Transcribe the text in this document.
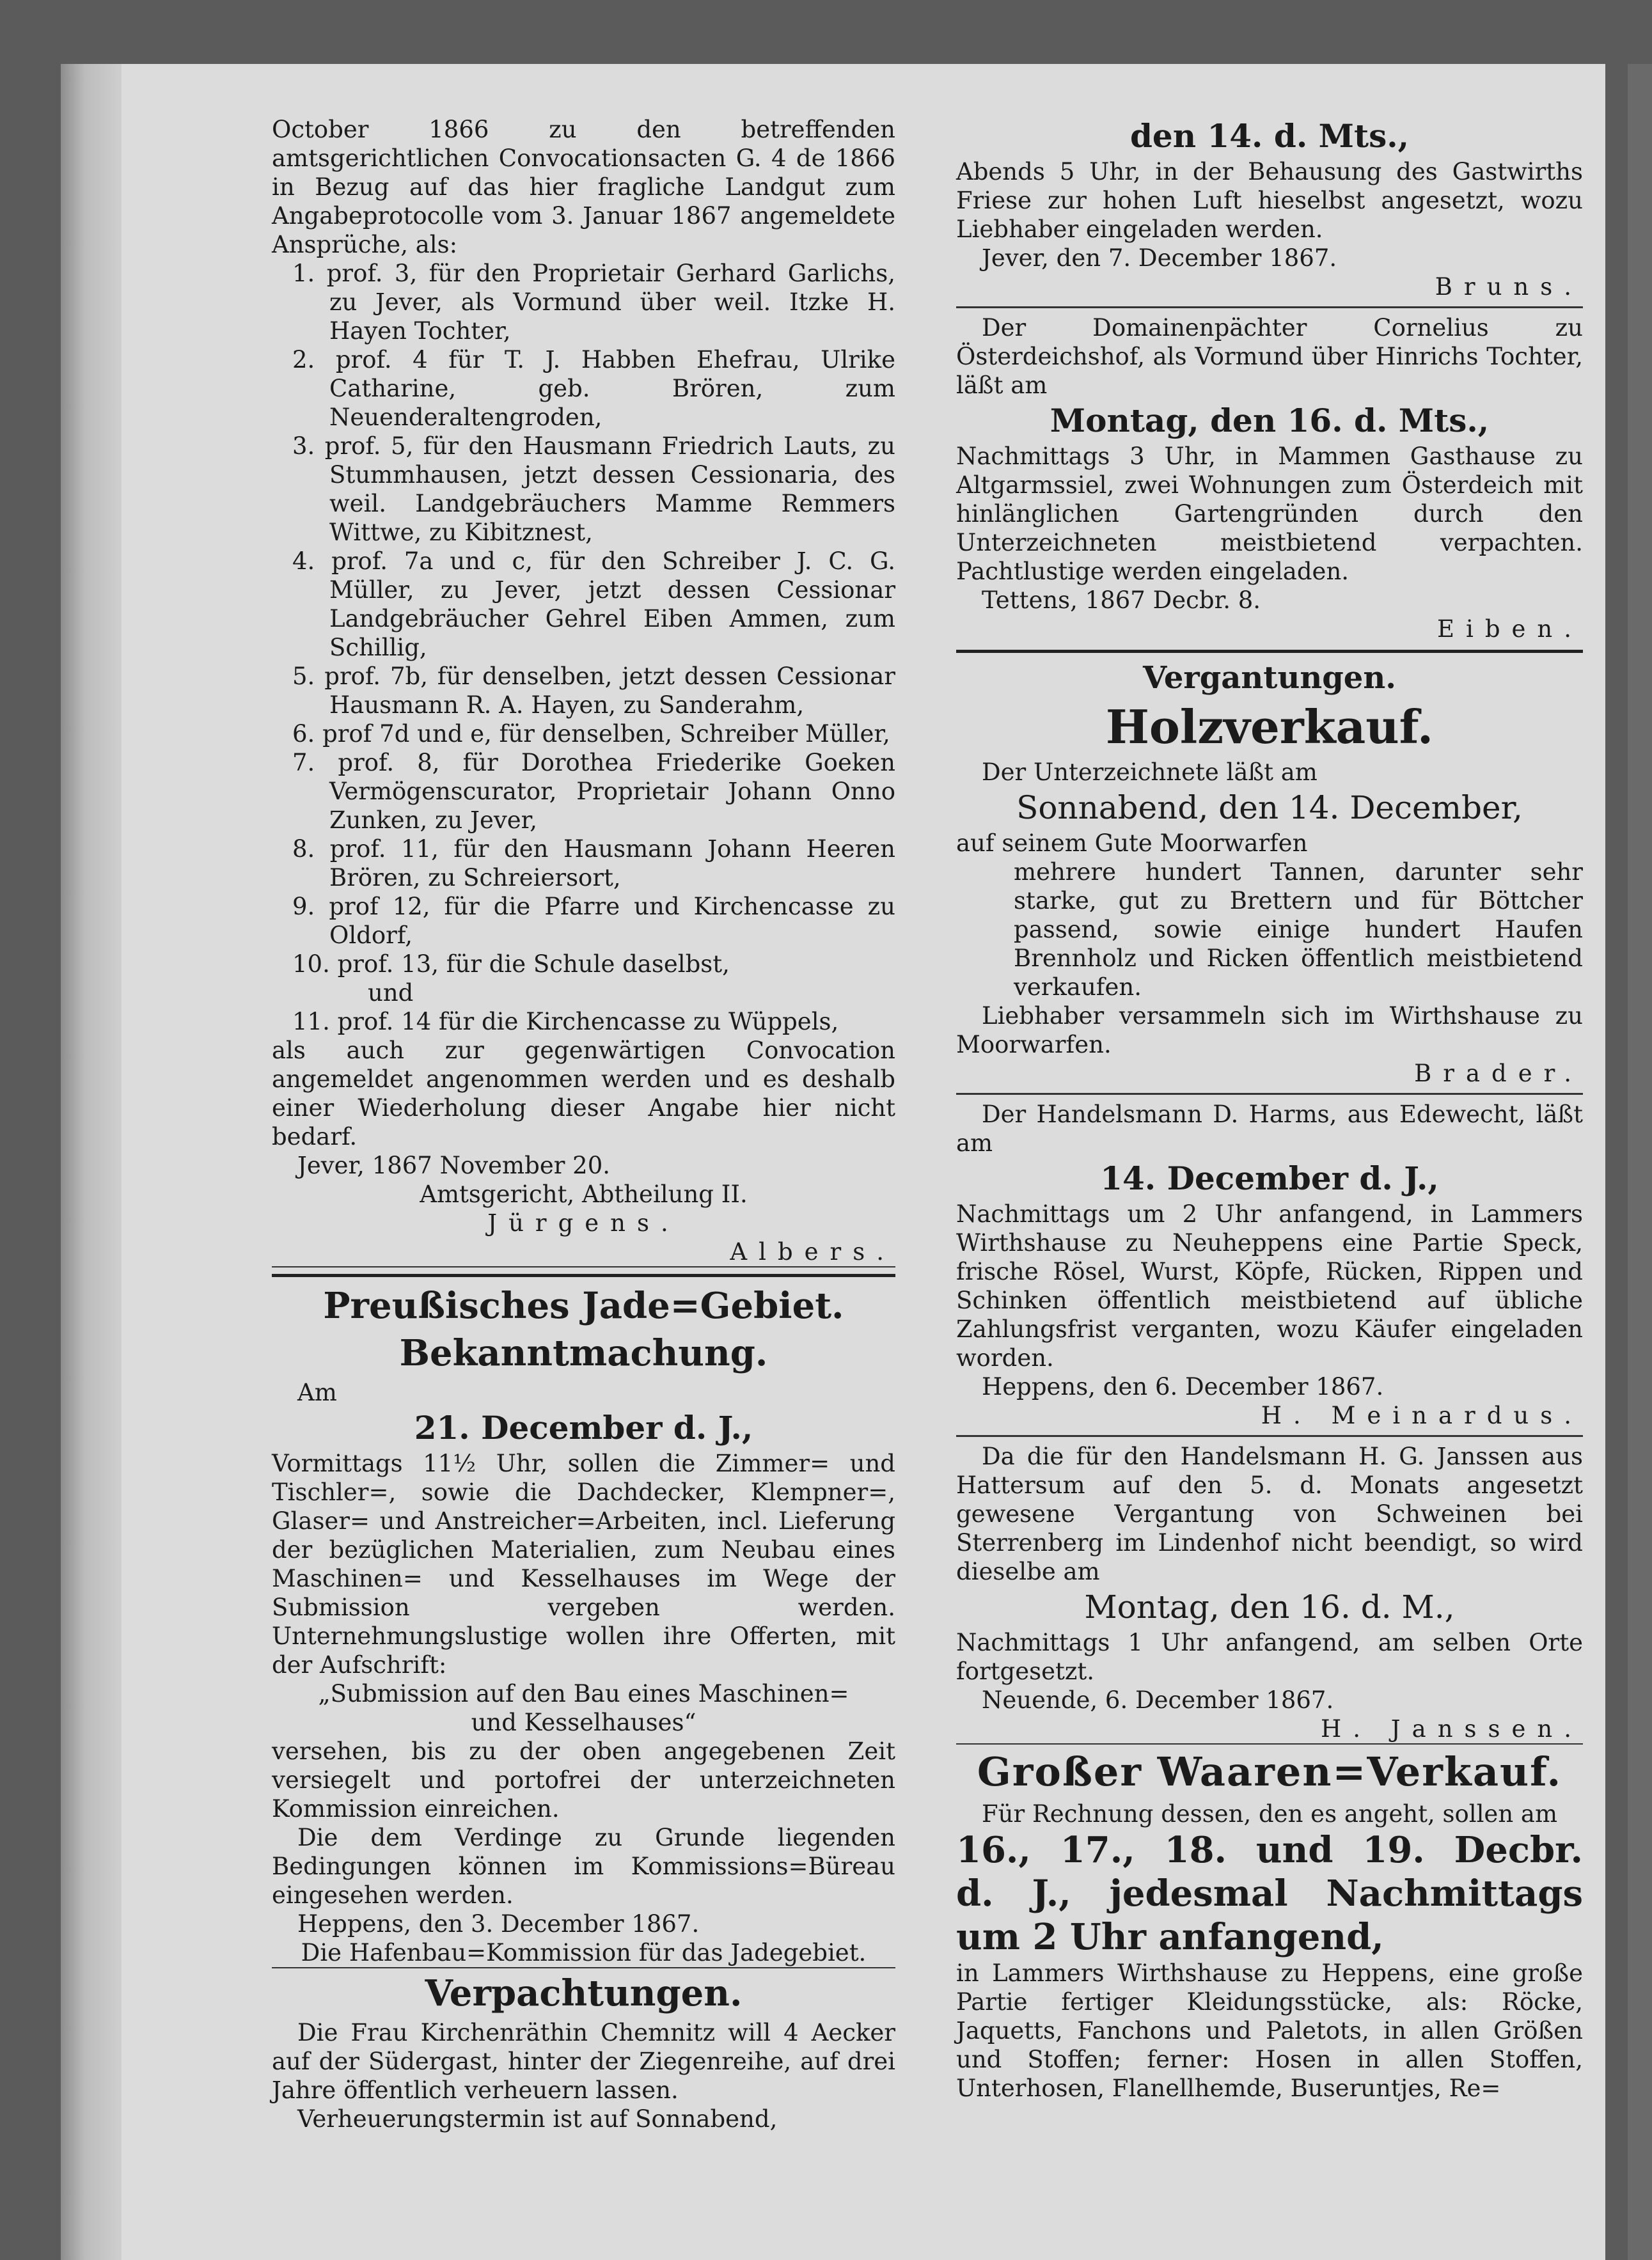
October 1866 zu den betreffenden amtsgerichtlichen Convocationsacten G. 4 de 1866 in Bezug auf das hier fragliche Landgut zum Angabeprotocolle vom 3. Januar 1867 angemeldete Ansprüche, als:

1. prof. 3, für den Proprietair Gerhard Garlichs, zu Jever, als Vormund über weil. Itzke H. Hayen Tochter,

2. prof. 4 für T. J. Habben Ehefrau, Ulrike Catharine, geb. Brören, zum Neuenderaltengroden,

3. prof. 5, für den Hausmann Friedrich Lauts, zu Stummhausen, jetzt dessen Cessionaria, des weil. Landgebräuchers Mamme Remmers Wittwe, zu Kibitznest,

4. prof. 7a und c, für den Schreiber J. C. G. Müller, zu Jever, jetzt dessen Cessionar Landgebräucher Gehrel Eiben Ammen, zum Schillig,

5. prof. 7b, für denselben, jetzt dessen Cessionar Hausmann R. A. Hayen, zu Sanderahm,

6. prof 7d und e, für denselben, Schreiber Müller,

7. prof. 8, für Dorothea Friederike Goeken Vermögenscurator, Proprietair Johann Onno Zunken, zu Jever,

8. prof. 11, für den Hausmann Johann Heeren Brören, zu Schreiersort,

9. prof 12, für die Pfarre und Kirchencasse zu Oldorf,

10. prof. 13, für die Schule daselbst,

und

11. prof. 14 für die Kirchencasse zu Wüppels,

als auch zur gegenwärtigen Convocation angemeldet angenommen werden und es deshalb einer Wiederholung dieser Angabe hier nicht bedarf.

Jever, 1867 November 20.

Amtsgericht, Abtheilung II.

Jürgens.

Albers.

Preußisches Jade=Gebiet.

Bekanntmachung.

Am

21. December d. J.,

Vormittags 11½ Uhr, sollen die Zimmer= und Tischler=, sowie die Dachdecker, Klempner=, Glaser= und Anstreicher=Arbeiten, incl. Lieferung der bezüglichen Materialien, zum Neubau eines Maschinen= und Kesselhauses im Wege der Submission vergeben werden. Unternehmungslustige wollen ihre Offerten, mit der Aufschrift:

„Submission auf den Bau eines Maschinen= und Kesselhauses“

versehen, bis zu der oben angegebenen Zeit versiegelt und portofrei der unterzeichneten Kommission einreichen.

Die dem Verdinge zu Grunde liegenden Bedingungen können im Kommissions=Büreau eingesehen werden.

Heppens, den 3. December 1867.

Die Hafenbau=Kommission für das Jadegebiet.

Verpachtungen.

Die Frau Kirchenräthin Chemnitz will 4 Aecker auf der Südergast, hinter der Ziegenreihe, auf drei Jahre öffentlich verheuern lassen.

Verheuerungstermin ist auf Sonnabend,

den 14. d. Mts.,

Abends 5 Uhr, in der Behausung des Gastwirths Friese zur hohen Luft hieselbst angesetzt, wozu Liebhaber eingeladen werden.

Jever, den 7. December 1867.

Bruns.

Der Domainenpächter Cornelius zu Österdeichshof, als Vormund über Hinrichs Tochter, läßt am

Montag, den 16. d. Mts.,

Nachmittags 3 Uhr, in Mammen Gasthause zu Altgarmssiel, zwei Wohnungen zum Österdeich mit hinlänglichen Gartengründen durch den Unterzeichneten meistbietend verpachten. Pachtlustige werden eingeladen.

Tettens, 1867 Decbr. 8.

Eiben.

Vergantungen.

Holzverkauf.

Der Unterzeichnete läßt am

Sonnabend, den 14. December,

auf seinem Gute Moorwarfen

mehrere hundert Tannen, darunter sehr starke, gut zu Brettern und für Böttcher passend, sowie einige hundert Haufen Brennholz und Ricken öffentlich meistbietend verkaufen.

Liebhaber versammeln sich im Wirthshause zu Moorwarfen.

Brader.

Der Handelsmann D. Harms, aus Edewecht, läßt am

14. December d. J.,

Nachmittags um 2 Uhr anfangend, in Lammers Wirthshause zu Neuheppens eine Partie Speck, frische Rösel, Wurst, Köpfe, Rücken, Rippen und Schinken öffentlich meistbietend auf übliche Zahlungsfrist verganten, wozu Käufer eingeladen worden.

Heppens, den 6. December 1867.

H. Meinardus.

Da die für den Handelsmann H. G. Janssen aus Hattersum auf den 5. d. Monats angesetzt gewesene Vergantung von Schweinen bei Sterrenberg im Lindenhof nicht beendigt, so wird dieselbe am

Montag, den 16. d. M.,

Nachmittags 1 Uhr anfangend, am selben Orte fortgesetzt.

Neuende, 6. December 1867.

H. Janssen.

Großer Waaren=Verkauf.

Für Rechnung dessen, den es angeht, sollen am

16., 17., 18. und 19. Decbr.

d. J., jedesmal Nachmittags

um 2 Uhr anfangend,

in Lammers Wirthshause zu Heppens, eine große Partie fertiger Kleidungsstücke, als: Röcke, Jaquetts, Fanchons und Paletots, in allen Größen und Stoffen; ferner: Hosen in allen Stoffen, Unterhosen, Flanellhemde, Buseruntjes, Re=
